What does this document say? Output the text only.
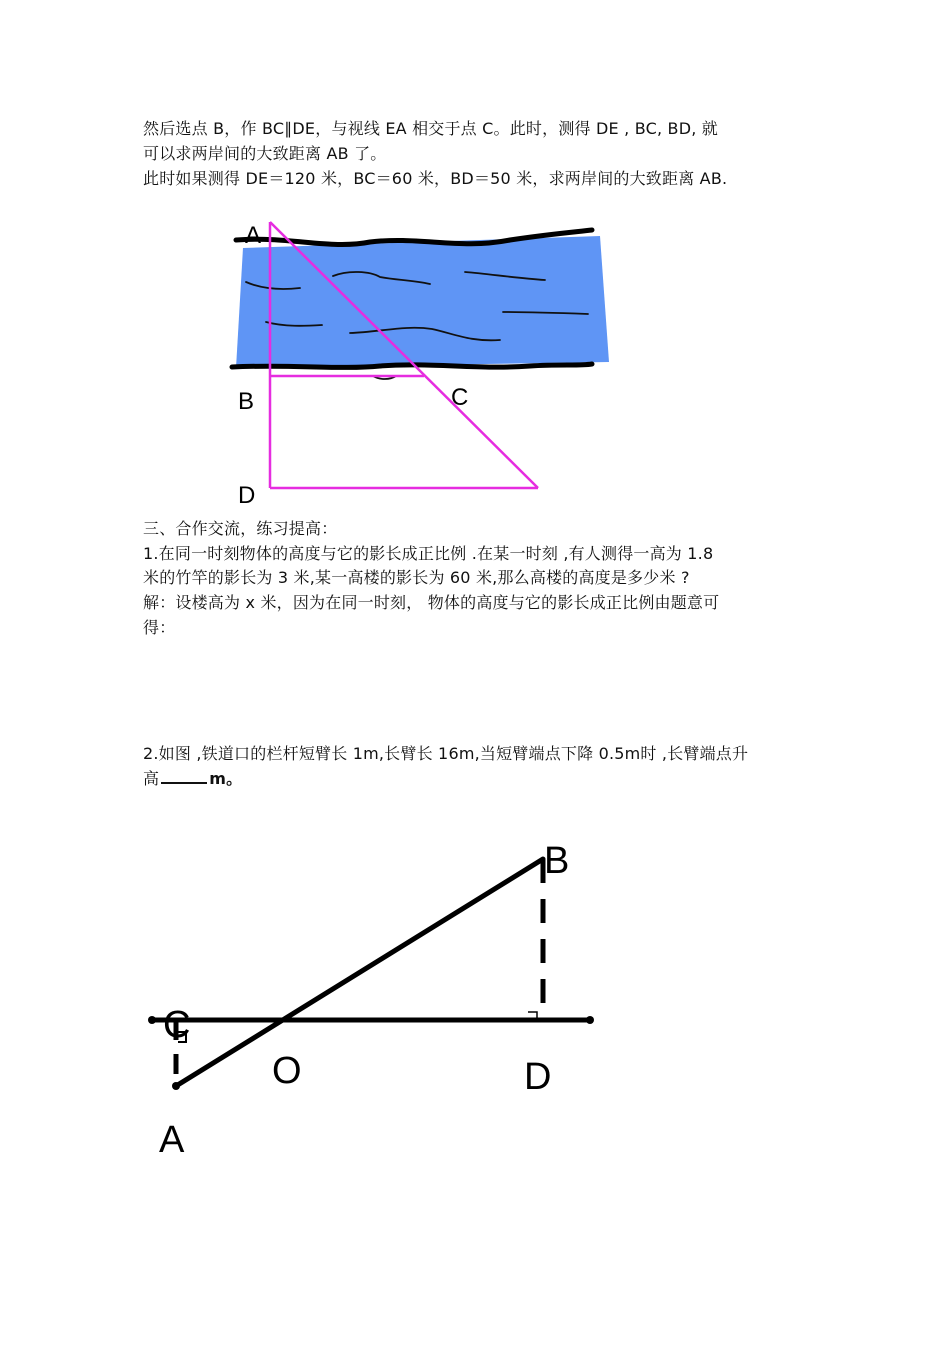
然后选点 B，作 BC∥DE，与视线 EA 相交于点 C。此时，测得 DE , BC, BD, 就
可以求两岸间的大致距离 AB 了。
此时如果测得 DE＝120 米，BC＝60 米，BD＝50 米，求两岸间的大致距离 AB.
三、合作交流，练习提高：
1.在同一时刻物体的高度与它的影长成正比例 .在某一时刻 ,有人测得一高为 1.8
米的竹竿的影长为 3 米,某一高楼的影长为 60 米,那么高楼的高度是多少米 ?
解：设楼高为 x 米，因为在同一时刻， 物体的高度与它的影长成正比例由题意可
得：
2.如图 ,铁道口的栏杆短臂长 1m,长臂长 16m,当短臂端点下降 0.5m时 ,长臂端点升
高	m。
A
B	C
D
B
C
O	D
A
